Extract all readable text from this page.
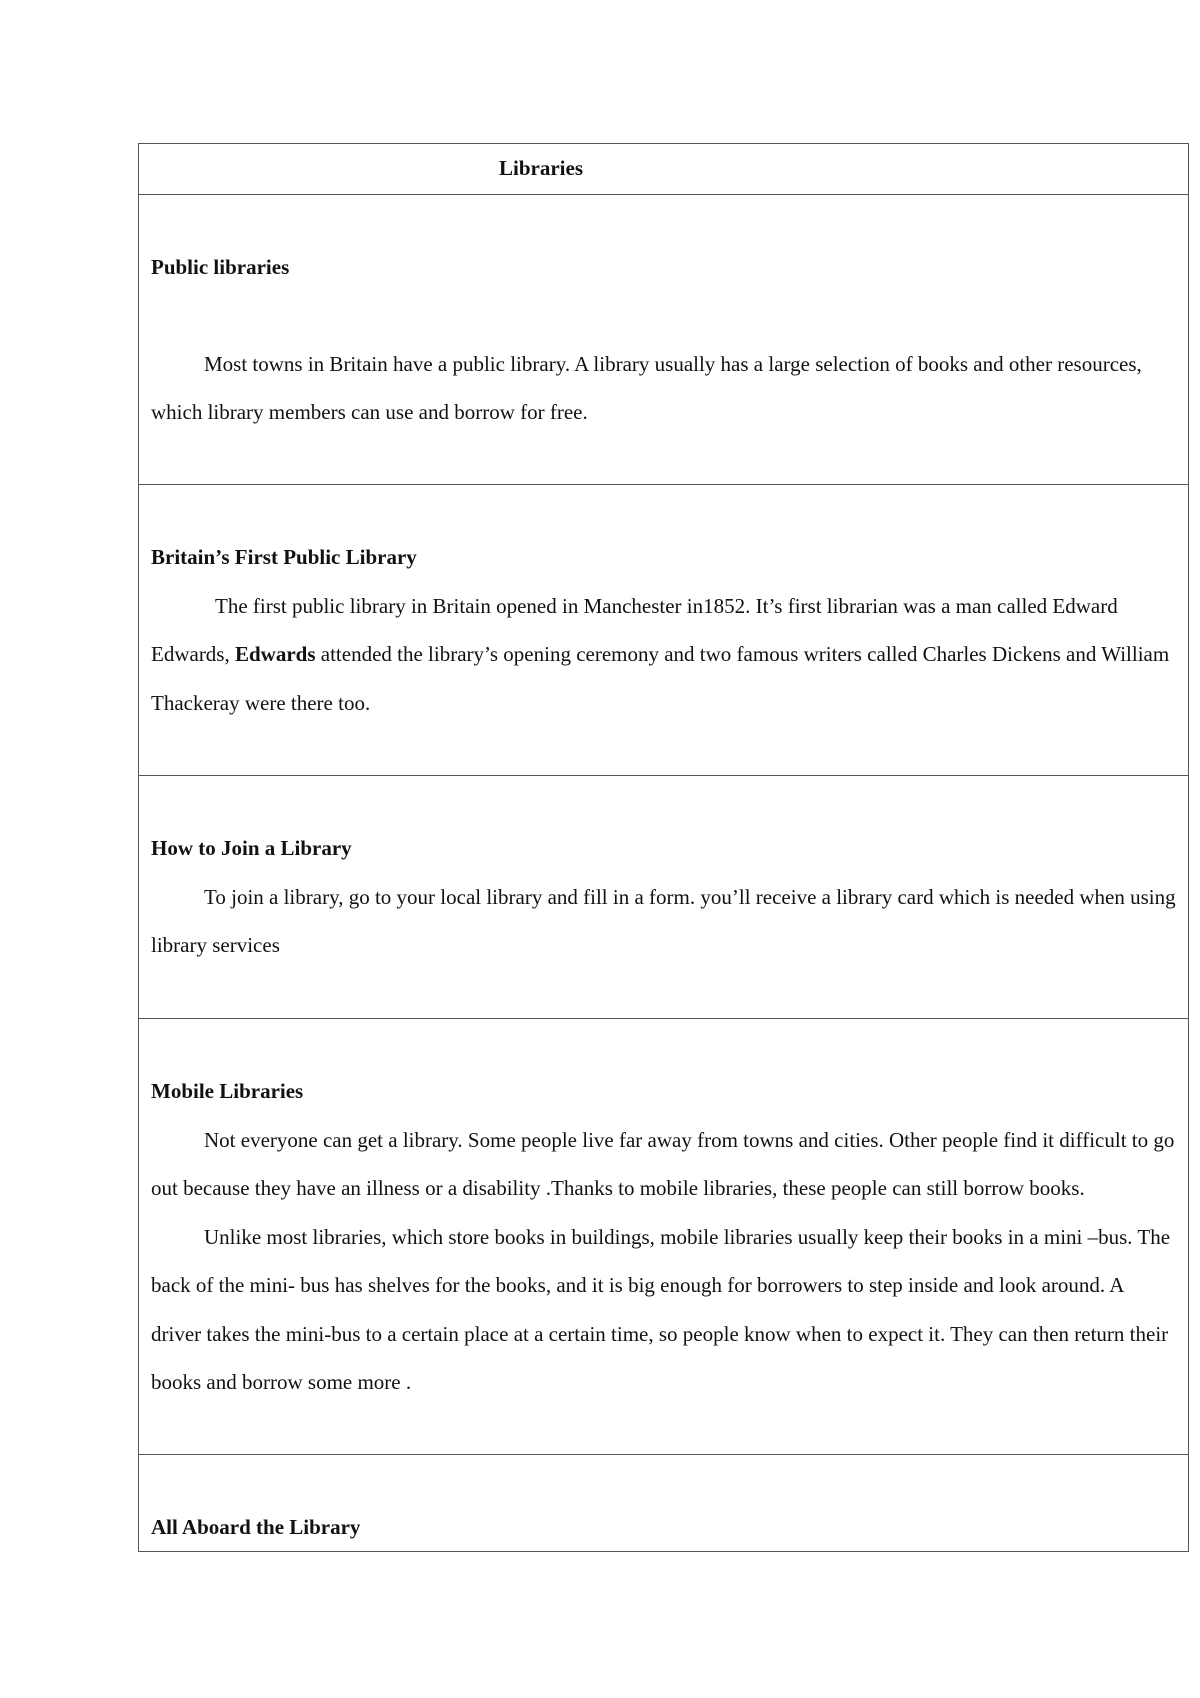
Libraries
Public libraries

Most towns in Britain have a public library. A library usually has a large selection of books and other resources, which library members can use and borrow for free.

Britain’s First Public Library

The first public library in Britain opened in Manchester in1852. It’s first librarian was a man called Edward Edwards, Edwards attended the library’s opening ceremony and two famous writers called Charles Dickens and William Thackeray were there too.

How to Join a Library

To join a library, go to your local library and fill in a form. you’ll receive a library card which is needed when using library services

Mobile Libraries

Not everyone can get a library. Some people live far away from towns and cities. Other people find it difficult to go out because they have an illness or a disability .Thanks to mobile libraries, these people can still borrow books.

Unlike most libraries, which store books in buildings, mobile libraries usually keep their books in a mini –bus. The back of the mini- bus has shelves for the books, and it is big enough for borrowers to step inside and look around. A driver takes the mini-bus to a certain place at a certain time, so people know when to expect it. They can then return their books and borrow some more .

All Aboard the Library
